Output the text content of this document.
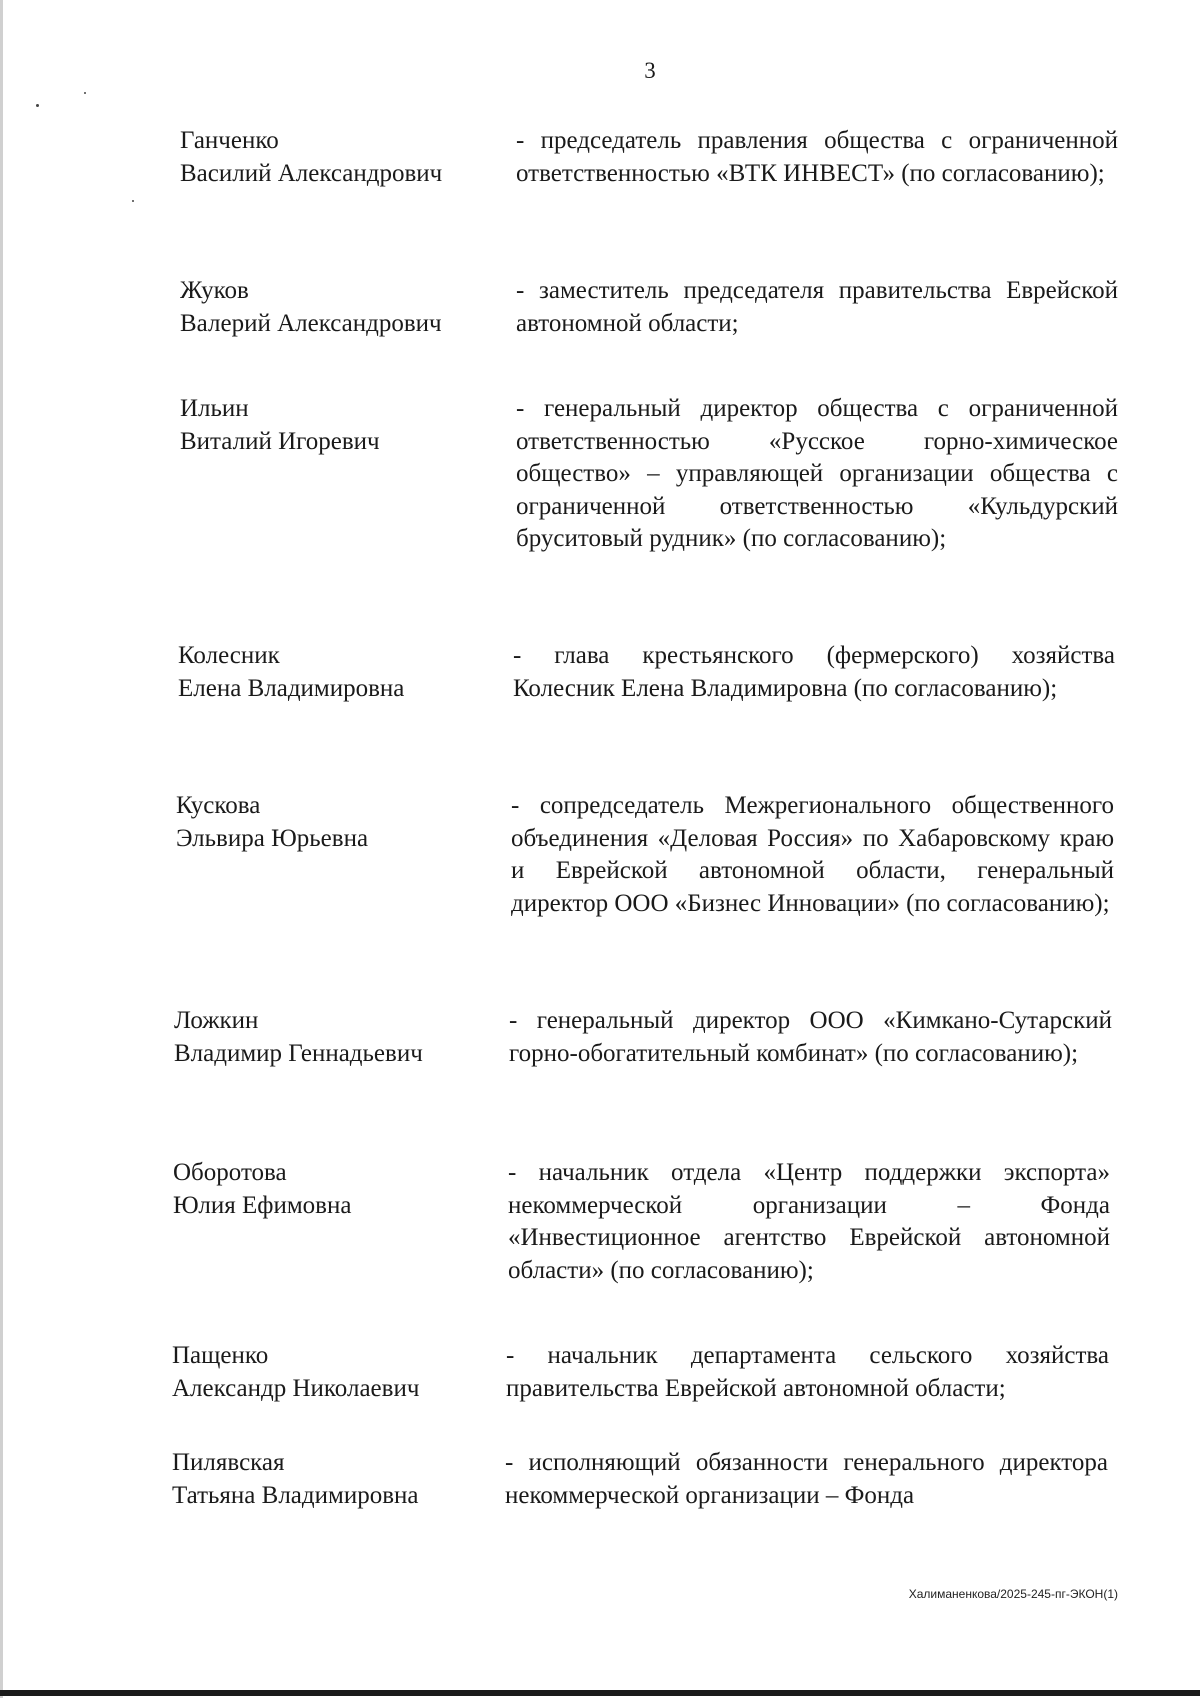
3
Ганченко
Василий Александрович
- председатель правления общества с ограниченной ответственностью «ВТК ИНВЕСТ» (по согласованию);
Жуков
Валерий Александрович
- заместитель председателя правительства Еврейской автономной области;
Ильин
Виталий Игоревич
- генеральный директор общества с ограниченной ответственностью «Русское горно-химическое общество» – управляющей организации общества с ограниченной ответственностью «Кульдурский бруситовый рудник» (по согласованию);
Колесник
Елена Владимировна
- глава крестьянского (фермерского) хозяйства Колесник Елена Владимировна (по согласованию);
Кускова
Эльвира Юрьевна
- сопредседатель Межрегионального общественного объединения «Деловая Россия» по Хабаровскому краю и Еврейской автономной области, генеральный директор ООО «Бизнес Инновации» (по согласованию);
Ложкин
Владимир Геннадьевич
- генеральный директор ООО «Кимкано-Сутарский горно-обогатительный комбинат» (по согласованию);
Оборотова
Юлия Ефимовна
- начальник отдела «Центр поддержки экспорта» некоммерческой организации – Фонда «Инвестиционное агентство Еврейской автономной области» (по согласованию);
Пащенко
Александр Николаевич
- начальник департамента сельского хозяйства правительства Еврейской автономной области;
Пилявская
Татьяна Владимировна
- исполняющий обязанности генерального директора некоммерческой организации – Фонда
Халиманенкова/2025-245-пг-ЭКОН(1)
